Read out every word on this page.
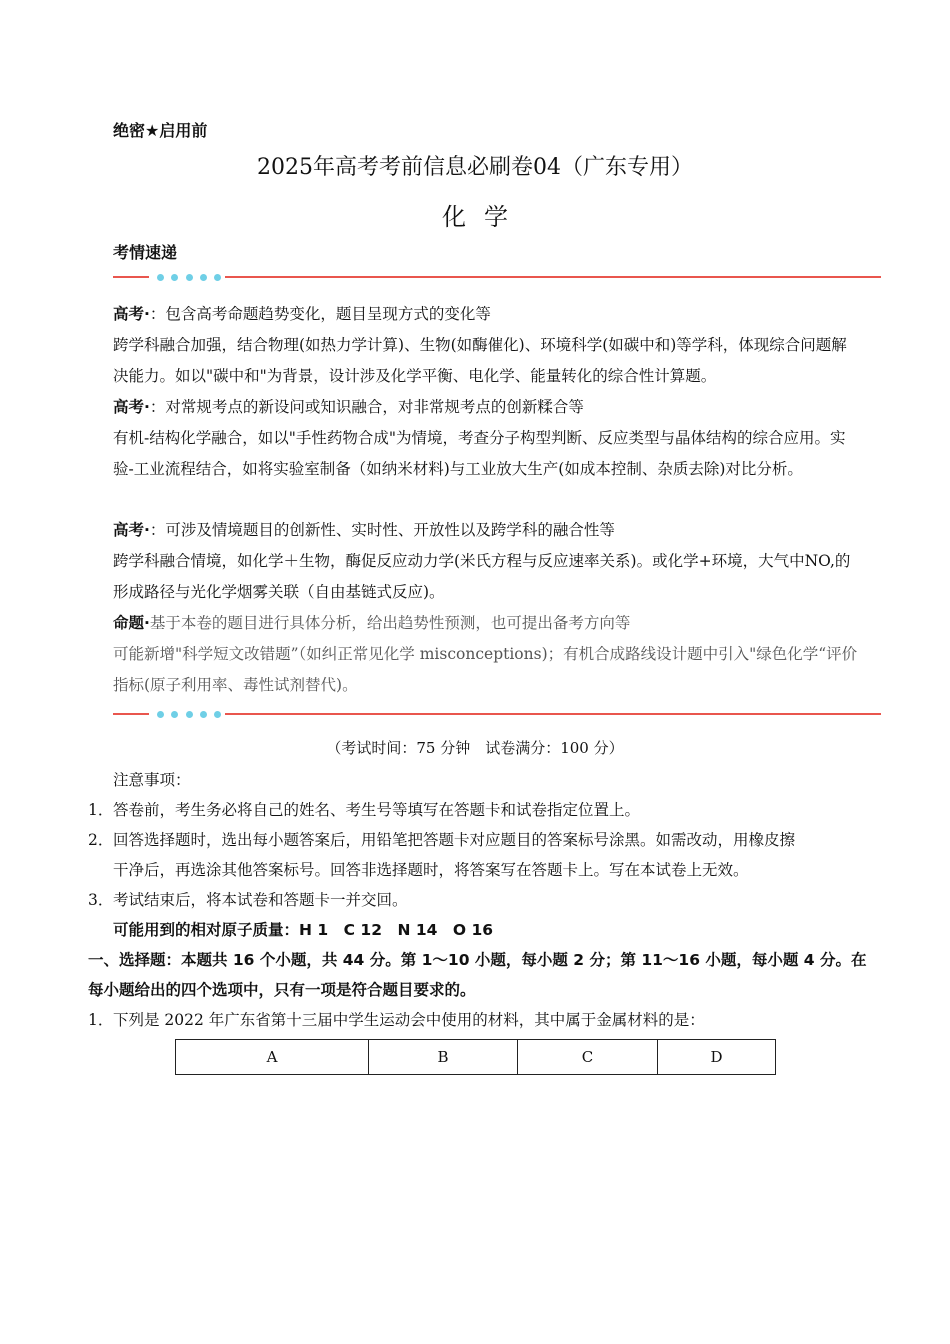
绝密★启用前
2025年高考考前信息必刷卷04（广东专用）
化学
考情速递
高考·：包含高考命题趋势变化，题目呈现方式的变化等
跨学科融合加强，结合物理(如热力学计算)、生物(如酶催化)、环境科学(如碳中和)等学科，体现综合问题解决能力。如以"碳中和"为背景，设计涉及化学平衡、电化学、能量转化的综合性计算题。
高考·：对常规考点的新设问或知识融合，对非常规考点的创新糅合等
有机-结构化学融合，如以"手性药物合成"为情境，考查分子构型判断、反应类型与晶体结构的综合应用。实验-工业流程结合，如将实验室制备（如纳米材料)与工业放大生产(如成本控制、杂质去除)对比分析。
高考·：可涉及情境题目的创新性、实时性、开放性以及跨学科的融合性等
跨学科融合情境，如化学＋生物，酶促反应动力学(米氏方程与反应速率关系)。或化学+环境，大气中NO,的形成路径与光化学烟雾关联（自由基链式反应)。
命题·基于本卷的题目进行具体分析，给出趋势性预测，也可提出备考方向等
可能新增"科学短文改错题”（如纠正常见化学 misconceptions)；有机合成路线设计题中引入"绿色化学“评价指标(原子利用率、毒性试剂替代)。
（考试时间：75 分钟　试卷满分：100 分）
注意事项：
1．答卷前，考生务必将自己的姓名、考生号等填写在答题卡和试卷指定位置上。
2．回答选择题时，选出每小题答案后，用铅笔把答题卡对应题目的答案标号涂黑。如需改动，用橡皮擦
干净后，再选涂其他答案标号。回答非选择题时，将答案写在答题卡上。写在本试卷上无效。
3．考试结束后，将本试卷和答题卡一并交回。
可能用到的相对原子质量：H 1　C 12　N 14　O 16
一、选择题：本题共 16 个小题，共 44 分。第 1～10 小题，每小题 2 分；第 11～16 小题，每小题 4 分。在
每小题给出的四个选项中，只有一项是符合题目要求的。
1．下列是 2022 年广东省第十三届中学生运动会中使用的材料，其中属于金属材料的是：
A	B	C	D
